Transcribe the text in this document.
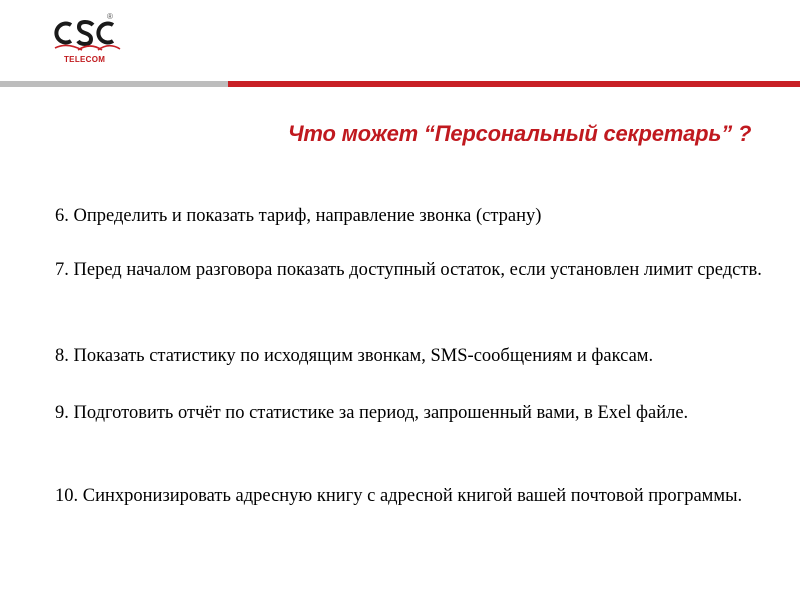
®
TELECOM
Что может “Персональный секретарь” ?
6. Определить и показать тариф, направление звонка (страну)
7. Перед началом разговора показать доступный остаток, если установлен лимит средств.
8. Показать статистику по исходящим звонкам, SMS-сообщениям и факсам.
9. Подготовить отчёт по статистике за период, запрошенный вами, в Exel файле.
10. Синхронизировать адресную книгу с адресной книгой вашей почтовой программы.
